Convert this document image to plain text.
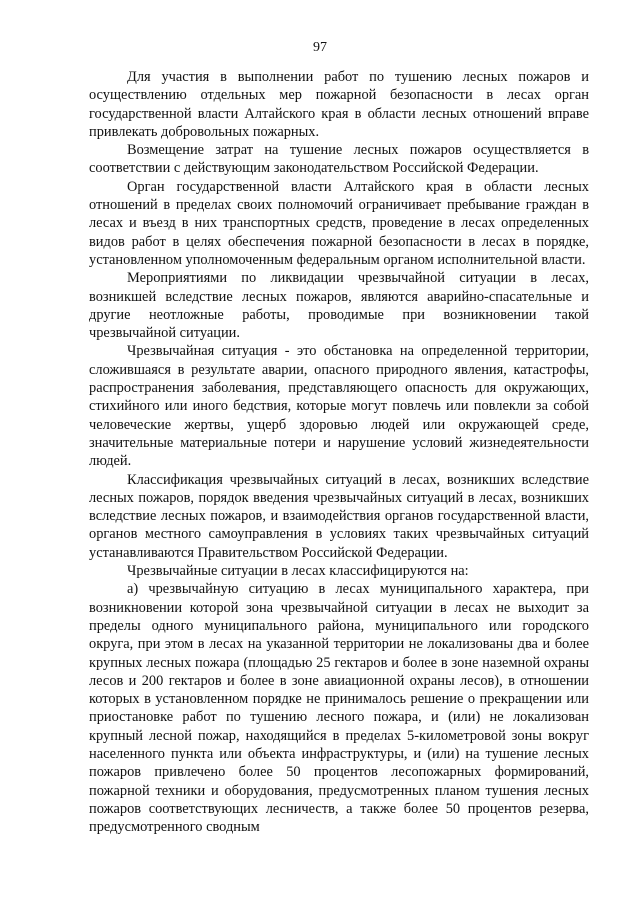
97

Для участия в выполнении работ по тушению лесных пожаров и осуществлению отдельных мер пожарной безопасности в лесах орган государственной власти Алтайского края в области лесных отношений вправе привлекать добровольных пожарных.

Возмещение затрат на тушение лесных пожаров осуществляется в соответствии с действующим законодательством Российской Федерации.

Орган государственной власти Алтайского края в области лесных отношений в пределах своих полномочий ограничивает пребывание граждан в лесах и въезд в них транспортных средств, проведение в лесах определенных видов работ в целях обеспечения пожарной безопасности в лесах в порядке, установленном уполномоченным федеральным органом исполнительной власти.

Мероприятиями по ликвидации чрезвычайной ситуации в лесах, возникшей вследствие лесных пожаров, являются аварийно-спасательные и другие неотложные работы, проводимые при возникновении такой чрезвычайной ситуации.

Чрезвычайная ситуация - это обстановка на определенной территории, сложившаяся в результате аварии, опасного природного явления, катастрофы, распространения заболевания, представляющего опасность для окружающих, стихийного или иного бедствия, которые могут повлечь или повлекли за собой человеческие жертвы, ущерб здоровью людей или окружающей среде, значительные материальные потери и нарушение условий жизнедеятельности людей.

Классификация чрезвычайных ситуаций в лесах, возникших вследствие лесных пожаров, порядок введения чрезвычайных ситуаций в лесах, возникших вследствие лесных пожаров, и взаимодействия органов государственной власти, органов местного самоуправления в условиях таких чрезвычайных ситуаций устанавливаются Правительством Российской Федерации.

Чрезвычайные ситуации в лесах классифицируются на:

а) чрезвычайную ситуацию в лесах муниципального характера, при возникновении которой зона чрезвычайной ситуации в лесах не выходит за пределы одного муниципального района, муниципального или городского округа, при этом в лесах на указанной территории не локализованы два и более крупных лесных пожара (площадью 25 гектаров и более в зоне наземной охраны лесов и 200 гектаров и более в зоне авиационной охраны лесов), в отношении которых в установленном порядке не принималось решение о прекращении или приостановке работ по тушению лесного пожара, и (или) не локализован крупный лесной пожар, находящийся в пределах 5-километровой зоны вокруг населенного пункта или объекта инфраструктуры, и (или) на тушение лесных пожаров привлечено более 50 процентов лесопожарных формирований, пожарной техники и оборудования, предусмотренных планом тушения лесных пожаров соответствующих лесничеств, а также более 50 процентов резерва, предусмотренного сводным
